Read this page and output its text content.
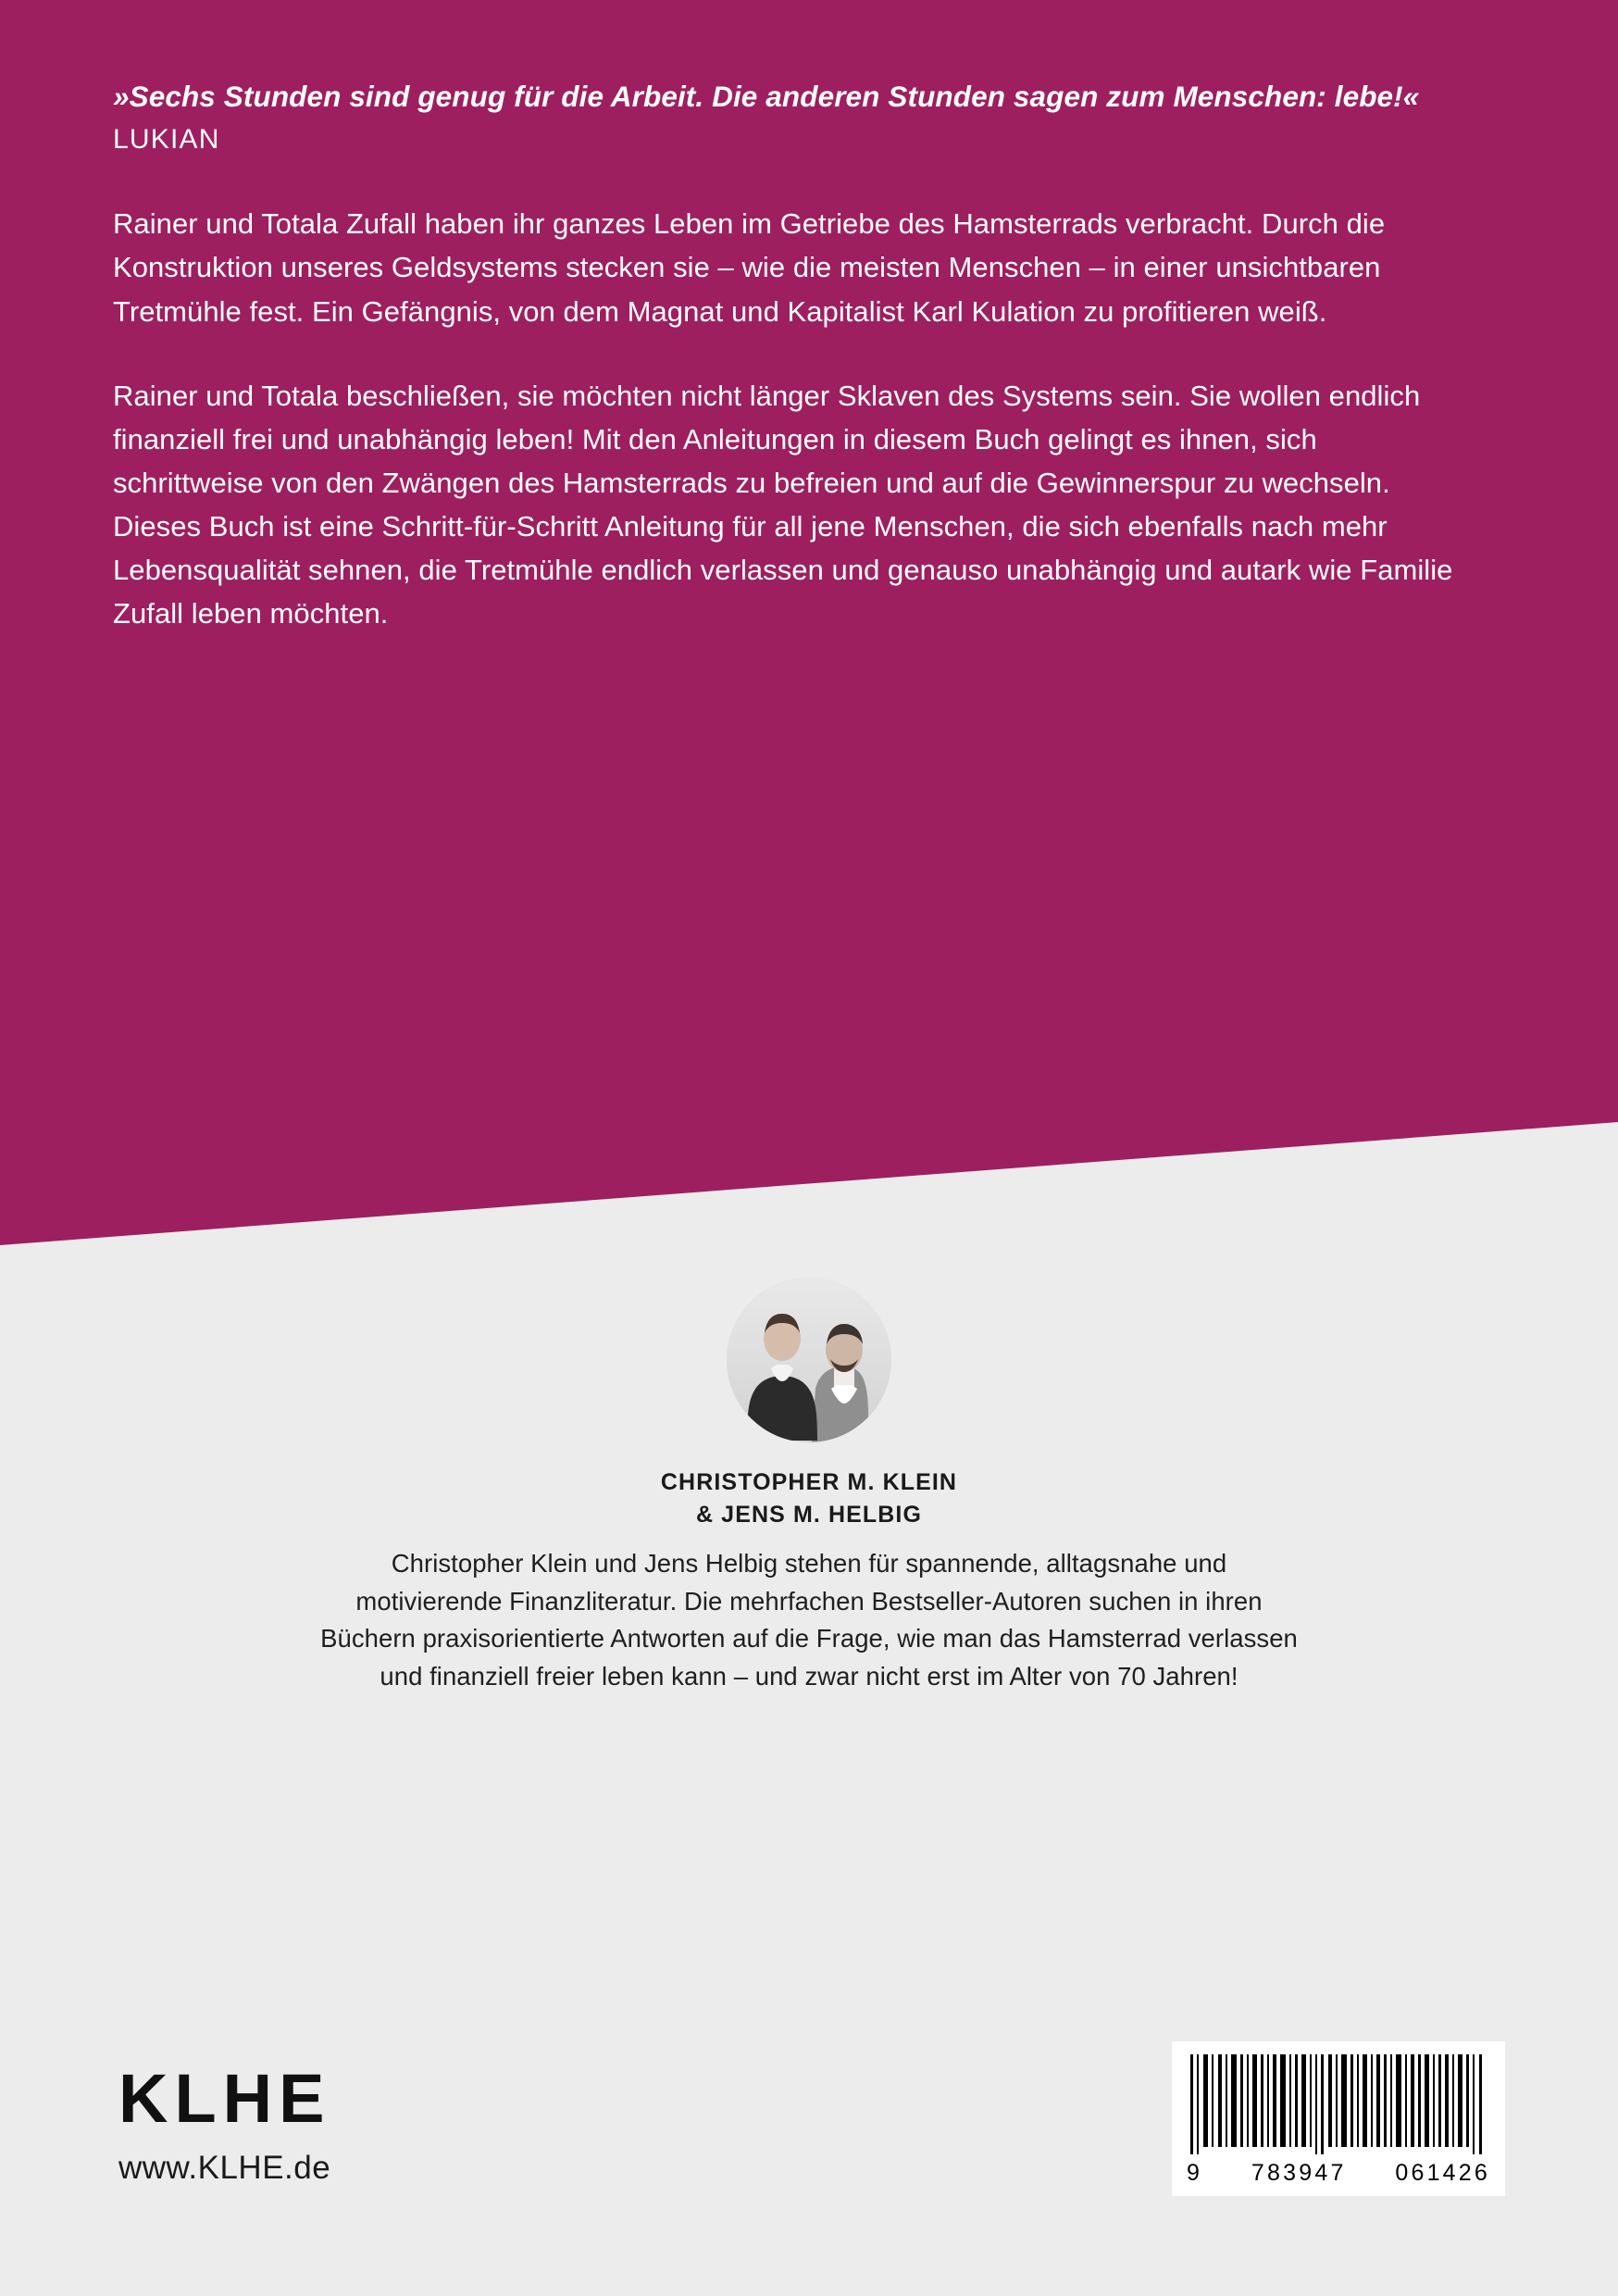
»Sechs Stunden sind genug für die Arbeit. Die anderen Stunden sagen zum Menschen: lebe!« LUKIAN

Rainer und Totala Zufall haben ihr ganzes Leben im Getriebe des Hamsterrads verbracht. Durch die Konstruktion unseres Geldsystems stecken sie – wie die meisten Menschen – in einer unsichtbaren Tretmühle fest. Ein Gefängnis, von dem Magnat und Kapitalist Karl Kulation zu profitieren weiß.

Rainer und Totala beschließen, sie möchten nicht länger Sklaven des Systems sein. Sie wollen endlich finanziell frei und unabhängig leben! Mit den Anleitungen in diesem Buch gelingt es ihnen, sich schrittweise von den Zwängen des Hamsterrads zu befreien und auf die Gewinnerspur zu wechseln. Dieses Buch ist eine Schritt-für-Schritt Anleitung für all jene Menschen, die sich ebenfalls nach mehr Lebensqualität sehnen, die Tretmühle endlich verlassen und genauso unabhängig und autark wie Familie Zufall leben möchten.

CHRISTOPHER M. KLEIN
& JENS M. HELBIG
Christopher Klein und Jens Helbig stehen für spannende, alltagsnahe und motivierende Finanzliteratur. Die mehrfachen Bestseller-Autoren suchen in ihren Büchern praxisorientierte Antworten auf die Frage, wie man das Hamsterrad verlassen und finanziell freier leben kann – und zwar nicht erst im Alter von 70 Jahren!
KLHE
www.KLHE.de	9 783947 061426
